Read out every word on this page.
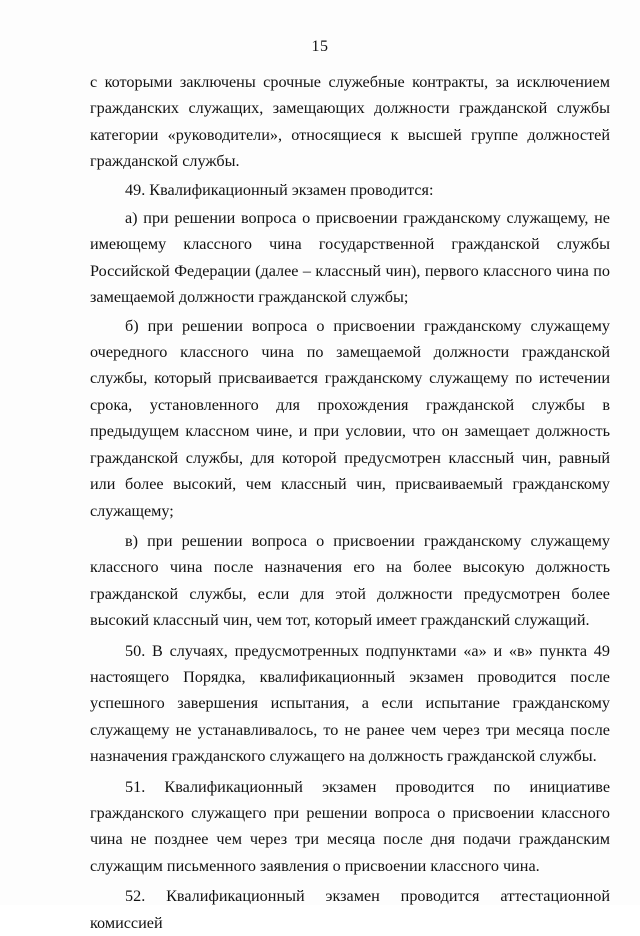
15

с которыми заключены срочные служебные контракты, за исключением гражданских служащих, замещающих должности гражданской службы категории «руководители», относящиеся к высшей группе должностей гражданской службы.

49. Квалификационный экзамен проводится:

а) при решении вопроса о присвоении гражданскому служащему, не имеющему классного чина государственной гражданской службы Российской Федерации (далее – классный чин), первого классного чина по замещаемой должности гражданской службы;

б) при решении вопроса о присвоении гражданскому служащему очередного классного чина по замещаемой должности гражданской службы, который присваивается гражданскому служащему по истечении срока, установленного для прохождения гражданской службы в предыдущем классном чине, и при условии, что он замещает должность гражданской службы, для которой предусмотрен классный чин, равный или более высокий, чем классный чин, присваиваемый гражданскому служащему;

в) при решении вопроса о присвоении гражданскому служащему классного чина после назначения его на более высокую должность гражданской службы, если для этой должности предусмотрен более высокий классный чин, чем тот, который имеет гражданский служащий.

50. В случаях, предусмотренных подпунктами «а» и «в» пункта 49 настоящего Порядка, квалификационный экзамен проводится после успешного завершения испытания, а если испытание гражданскому служащему не устанавливалось, то не ранее чем через три месяца после назначения гражданского служащего на должность гражданской службы.

51. Квалификационный экзамен проводится по инициативе гражданского служащего при решении вопроса о присвоении классного чина не позднее чем через три месяца после дня подачи гражданским служащим письменного заявления о присвоении классного чина.

52. Квалификационный экзамен проводится аттестационной комиссией
